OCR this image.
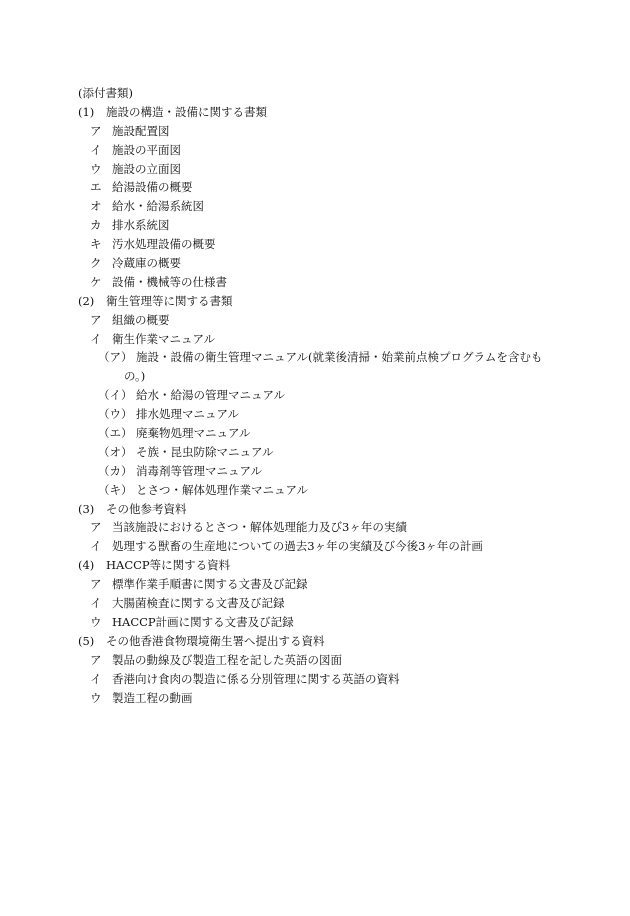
(添付書類)
(1) 施設の構造・設備に関する書類
ア 施設配置図
イ 施設の平面図
ウ 施設の立面図
エ 給湯設備の概要
オ 給水・給湯系統図
カ 排水系統図
キ 汚水処理設備の概要
ク 冷蔵庫の概要
ケ 設備・機械等の仕様書
(2) 衛生管理等に関する書類
ア 組織の概要
イ 衛生作業マニュアル
（ア） 施設・設備の衛生管理マニュアル(就業後清掃・始業前点検プログラムを含むも
の。)
（イ） 給水・給湯の管理マニュアル
（ウ） 排水処理マニュアル
（エ） 廃棄物処理マニュアル
（オ） そ族・昆虫防除マニュアル
（カ） 消毒剤等管理マニュアル
（キ） とさつ・解体処理作業マニュアル
(3) その他参考資料
ア 当該施設におけるとさつ・解体処理能力及び3ヶ年の実績
イ 処理する獣畜の生産地についての過去3ヶ年の実績及び今後3ヶ年の計画
(4) HACCP等に関する資料
ア 標準作業手順書に関する文書及び記録
イ 大腸菌検査に関する文書及び記録
ウ HACCP計画に関する文書及び記録
(5) その他香港食物環境衛生署へ提出する資料
ア 製品の動線及び製造工程を記した英語の図面
イ 香港向け食肉の製造に係る分別管理に関する英語の資料
ウ 製造工程の動画
